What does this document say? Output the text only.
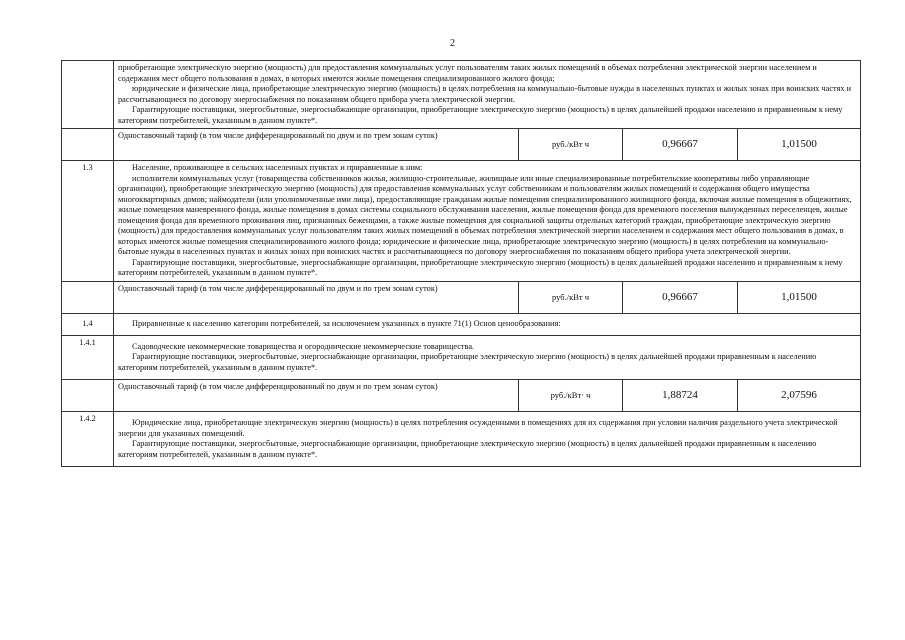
2

	приобретающие электрическую энергию (мощность) для предоставления коммунальных услуг пользователям таких жилых помещений в объемах потребления электрической энергии населением и содержания мест общего пользования в домах, в которых имеются жилые помещения специализированного жилого фонда;

юридические и физические лица, приобретающие электрическую энергию (мощность) в целях потребления на коммунально-бытовые нужды в населенных пунктах и жилых зонах при воинских частях и рассчитывающиеся по договору энергоснабжения по показаниям общего прибора учета электрической энергии.

Гарантирующие поставщики, энергосбытовые, энергоснабжающие организации, приобретающие электрическую энергию (мощность) в целях дальнейшей продажи населению и приравненным к нему категориям потребителей, указанным в данном пункте*.			

	Одноставочный тариф (в том числе дифференцированный по двум и по трем зонам суток)	руб./кВт ч	0,96667	1,01500
1.3	Население, проживающее в сельских населенных пунктах и приравненные к ним:

исполнители коммунальных услуг (товарищества собственников жилья, жилищно-строительные, жилищные или иные специализированные потребительские кооперативы либо управляющие организации), приобретающие электрическую энергию (мощность) для предоставления коммунальных услуг собственникам и пользователям жилых помещений и содержания общего имущества многоквартирных домов; наймодатели (или уполномоченные ими лица), предоставляющие гражданам жилые помещения специализированного жилищного фонда, включая жилые помещения в общежитиях, жилые помещения маневренного фонда, жилые помещения в домах системы социального обслуживания населения, жилые помещения фонда для временного поселения вынужденных переселенцев, жилые помещения фонда для временного проживания лиц, признанных беженцами, а также жилые помещения для социальной защиты отдельных категорий граждан, приобретающие электрическую энергию (мощность) для предоставления коммунальных услуг пользователям таких жилых помещений в объемах потребления электрической энергии населением и содержания мест общего пользования в домах, в которых имеются жилые помещения специализированного жилого фонда; юридические и физические лица, приобретающие электрическую энергию (мощность) в целях потребления на коммунально-бытовые нужды в населенных пунктах и жилых зонах при воинских частях и рассчитывающиеся по договору энергоснабжения по показаниям общего прибора учета электрической энергии.

Гарантирующие поставщики, энергосбытовые, энергоснабжающие организации, приобретающие электрическую энергию (мощность) в целях дальнейшей продажи населению и приравненным к нему категориям потребителей, указанным в данном пункте*.			

	Одноставочный тариф (в том числе дифференцированный по двум и по трем зонам суток)	руб./кВт ч	0,96667	1,01500
1.4	Приравненные к населению категории потребителей, за исключением указанных в пункте 71(1) Основ ценообразования:			

1.4.1	Садоводческие некоммерческие товарищества и огороднические некоммерческие товарищества.

Гарантирующие поставщики, энергосбытовые, энергоснабжающие организации, приобретающие электрическую энергию (мощность) в целях дальнейшей продажи приравненным к населению категориям потребителей, указанным в данном пункте*.			

	Одноставочный тариф (в том числе дифференцированный по двум и по трем зонам суток)	руб./кВт· ч	1,88724	2,07596
1.4.2	Юридические лица, приобретающие электрическую энергию (мощность) в целях потребления осужденными в помещениях для их содержания при условии наличия раздельного учета электрической энергии для указанных помещений.

Гарантирующие поставщики, энергосбытовые, энергоснабжающие организации, приобретающие электрическую энергию (мощность) в целях дальнейшей продажи приравненным к населению категориям потребителей, указанным в данном пункте*.			
